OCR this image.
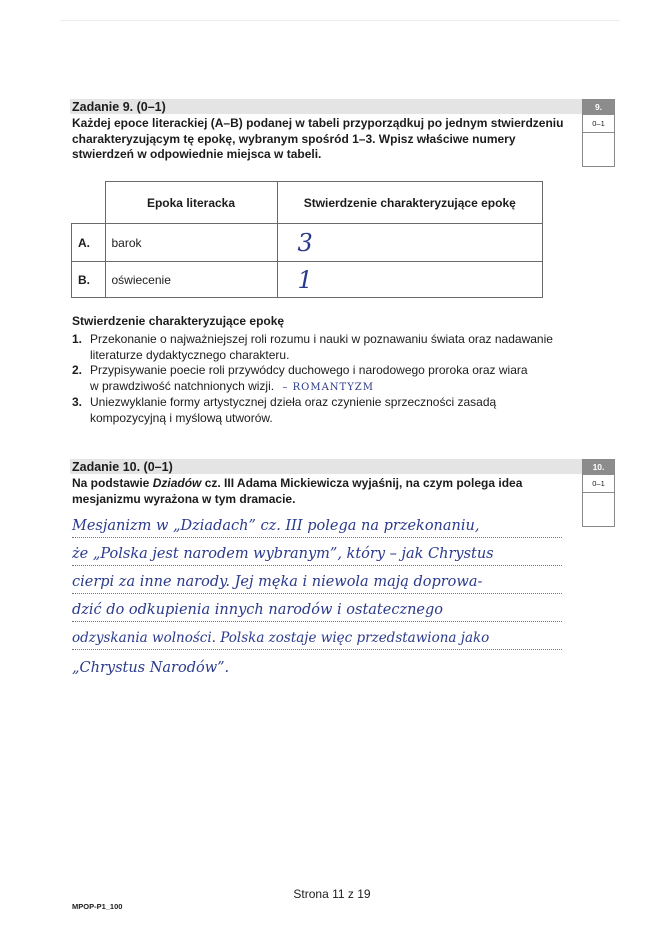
Zadanie 9. (0–1)
Każdej epoce literackiej (A–B) podanej w tabeli przyporządkuj po jednym stwierdzeniu
charakteryzującym tę epokę, wybranym spośród 1–3. Wpisz właściwe numery
stwierdzeń w odpowiednie miejsca w tabeli.
9.
0–1
	Epoka literacka	Stwierdzenie charakteryzujące epokę
A.	barok	3
B.	oświecenie	1
Stwierdzenie charakteryzujące epokę
1. Przekonanie o najważniejszej roli rozumu i nauki w poznawaniu świata oraz nadawanie
literaturze dydaktycznego charakteru.
2. Przypisywanie poecie roli przywódcy duchowego i narodowego proroka oraz wiara
w prawdziwość natchnionych wizji. – ROMANTYZM
3. Uniezwyklanie formy artystycznej dzieła oraz czynienie sprzeczności zasadą
kompozycyjną i myślową utworów.
Zadanie 10. (0–1)
Na podstawie Dziadów cz. III Adama Mickiewicza wyjaśnij, na czym polega idea
mesjanizmu wyrażona w tym dramacie.
10.
0–1
Mesjanizm w „Dziadach” cz. III polega na przekonaniu,
że „Polska jest narodem wybranym”, który – jak Chrystus
cierpi za inne narody. Jej męka i niewola mają doprowa-
dzić do odkupienia innych narodów i ostatecznego
odzyskania wolności. Polska zostaje więc przedstawiona jako
„Chrystus Narodów”.
Strona 11 z 19
MPOP-P1_100
